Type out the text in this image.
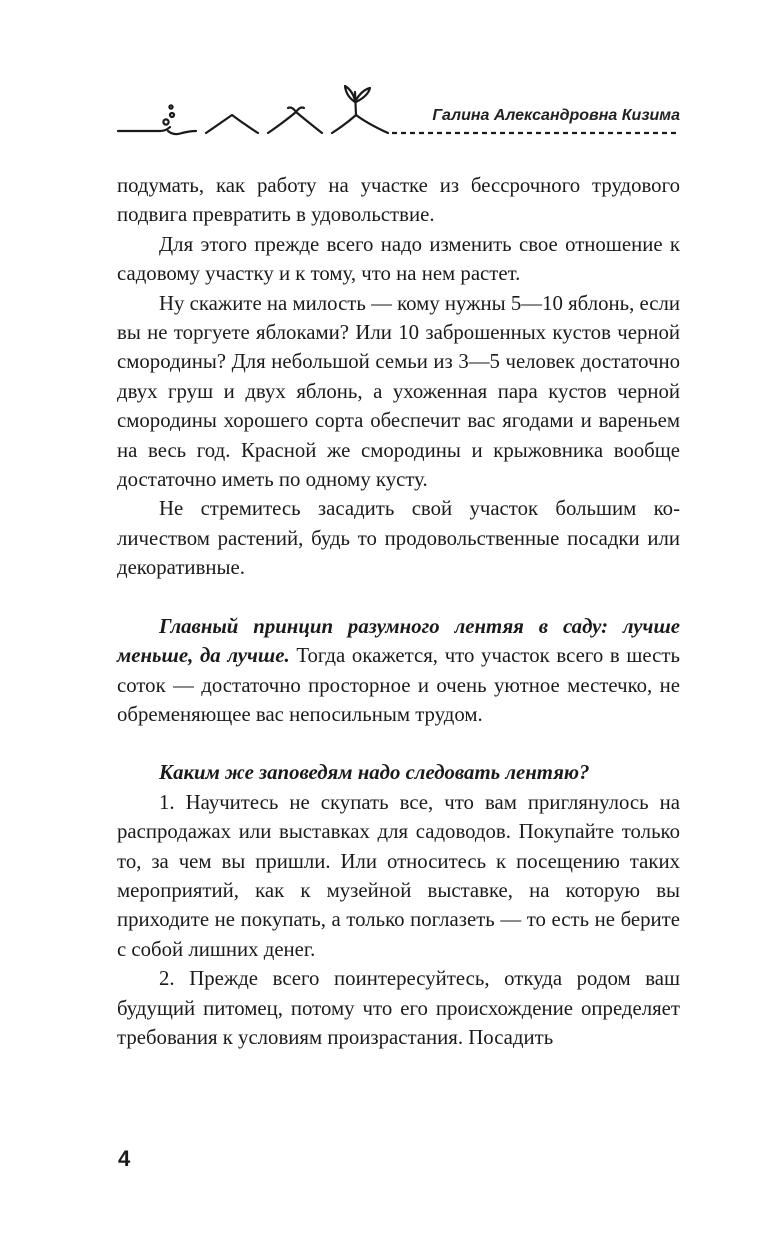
Галина Александровна Кизима

подумать, как работу на участке из бессрочного трудового подвига превратить в удовольствие.

Для этого прежде всего надо изменить свое отношение к садовому участку и к тому, что на нем растет.

Ну скажите на милость — кому нужны 5—10 яблонь, если вы не торгуете яблоками? Или 10 заброшенных кустов черной смородины? Для небольшой семьи из 3—5 человек достаточно двух груш и двух яблонь, а ухоженная пара кустов черной смородины хорошего сорта обеспечит вас ягодами и вареньем на весь год. Красной же смородины и крыжовника вообще достаточно иметь по одному кусту.

Не стремитесь засадить свой участок большим количеством растений, будь то продовольственные посадки или декоративные.

Главный принцип разумного лентяя в саду: лучше меньше, да лучше. Тогда окажется, что участок всего в шесть соток — достаточно просторное и очень уютное местечко, не обременяющее вас непосильным трудом.

Каким же заповедям надо следовать лентяю?

1. Научитесь не скупать все, что вам приглянулось на распродажах или выставках для садоводов. Покупайте только то, за чем вы пришли. Или относитесь к посещению таких мероприятий, как к музейной выставке, на которую вы приходите не покупать, а только поглазеть — то есть не берите с собой лишних денег.

2. Прежде всего поинтересуйтесь, откуда родом ваш будущий питомец, потому что его происхождение определяет требования к условиям произрастания. Посадить

4
